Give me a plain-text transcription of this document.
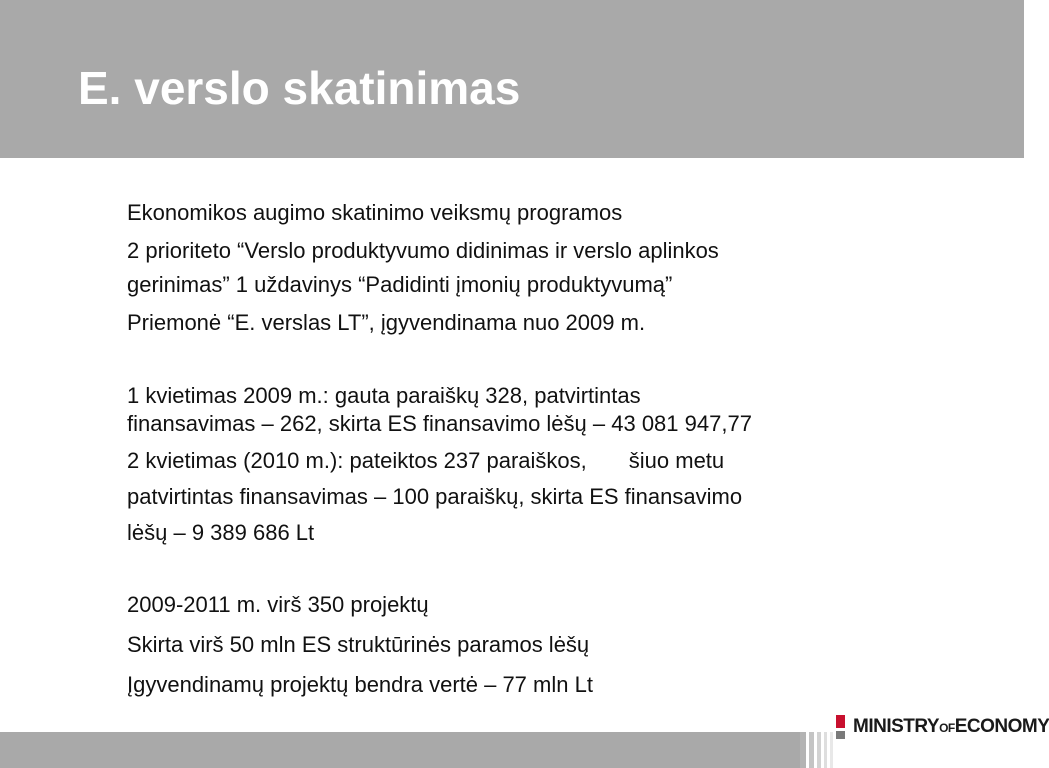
E. verslo skatinimas

Ekonomikos augimo skatinimo veiksmų programos

2 prioriteto “Verslo produktyvumo didinimas ir verslo aplinkos

gerinimas” 1 uždavinys “Padidinti įmonių produktyvumą”

Priemonė “E. verslas LT”, įgyvendinama nuo 2009 m.

1 kvietimas 2009 m.: gauta paraiškų 328, patvirtintas

finansavimas – 262, skirta ES finansavimo lėšų – 43 081 947,77

2 kvietimas (2010 m.): pateiktos 237 paraiškos, šiuo metu

patvirtintas finansavimas – 100 paraiškų, skirta ES finansavimo

lėšų – 9 389 686 Lt

2009-2011 m. virš 350 projektų

Skirta virš 50 mln ES struktūrinės paramos lėšų

Įgyvendinamų projektų bendra vertė – 77 mln Lt

MINISTRYOFECONOMY
